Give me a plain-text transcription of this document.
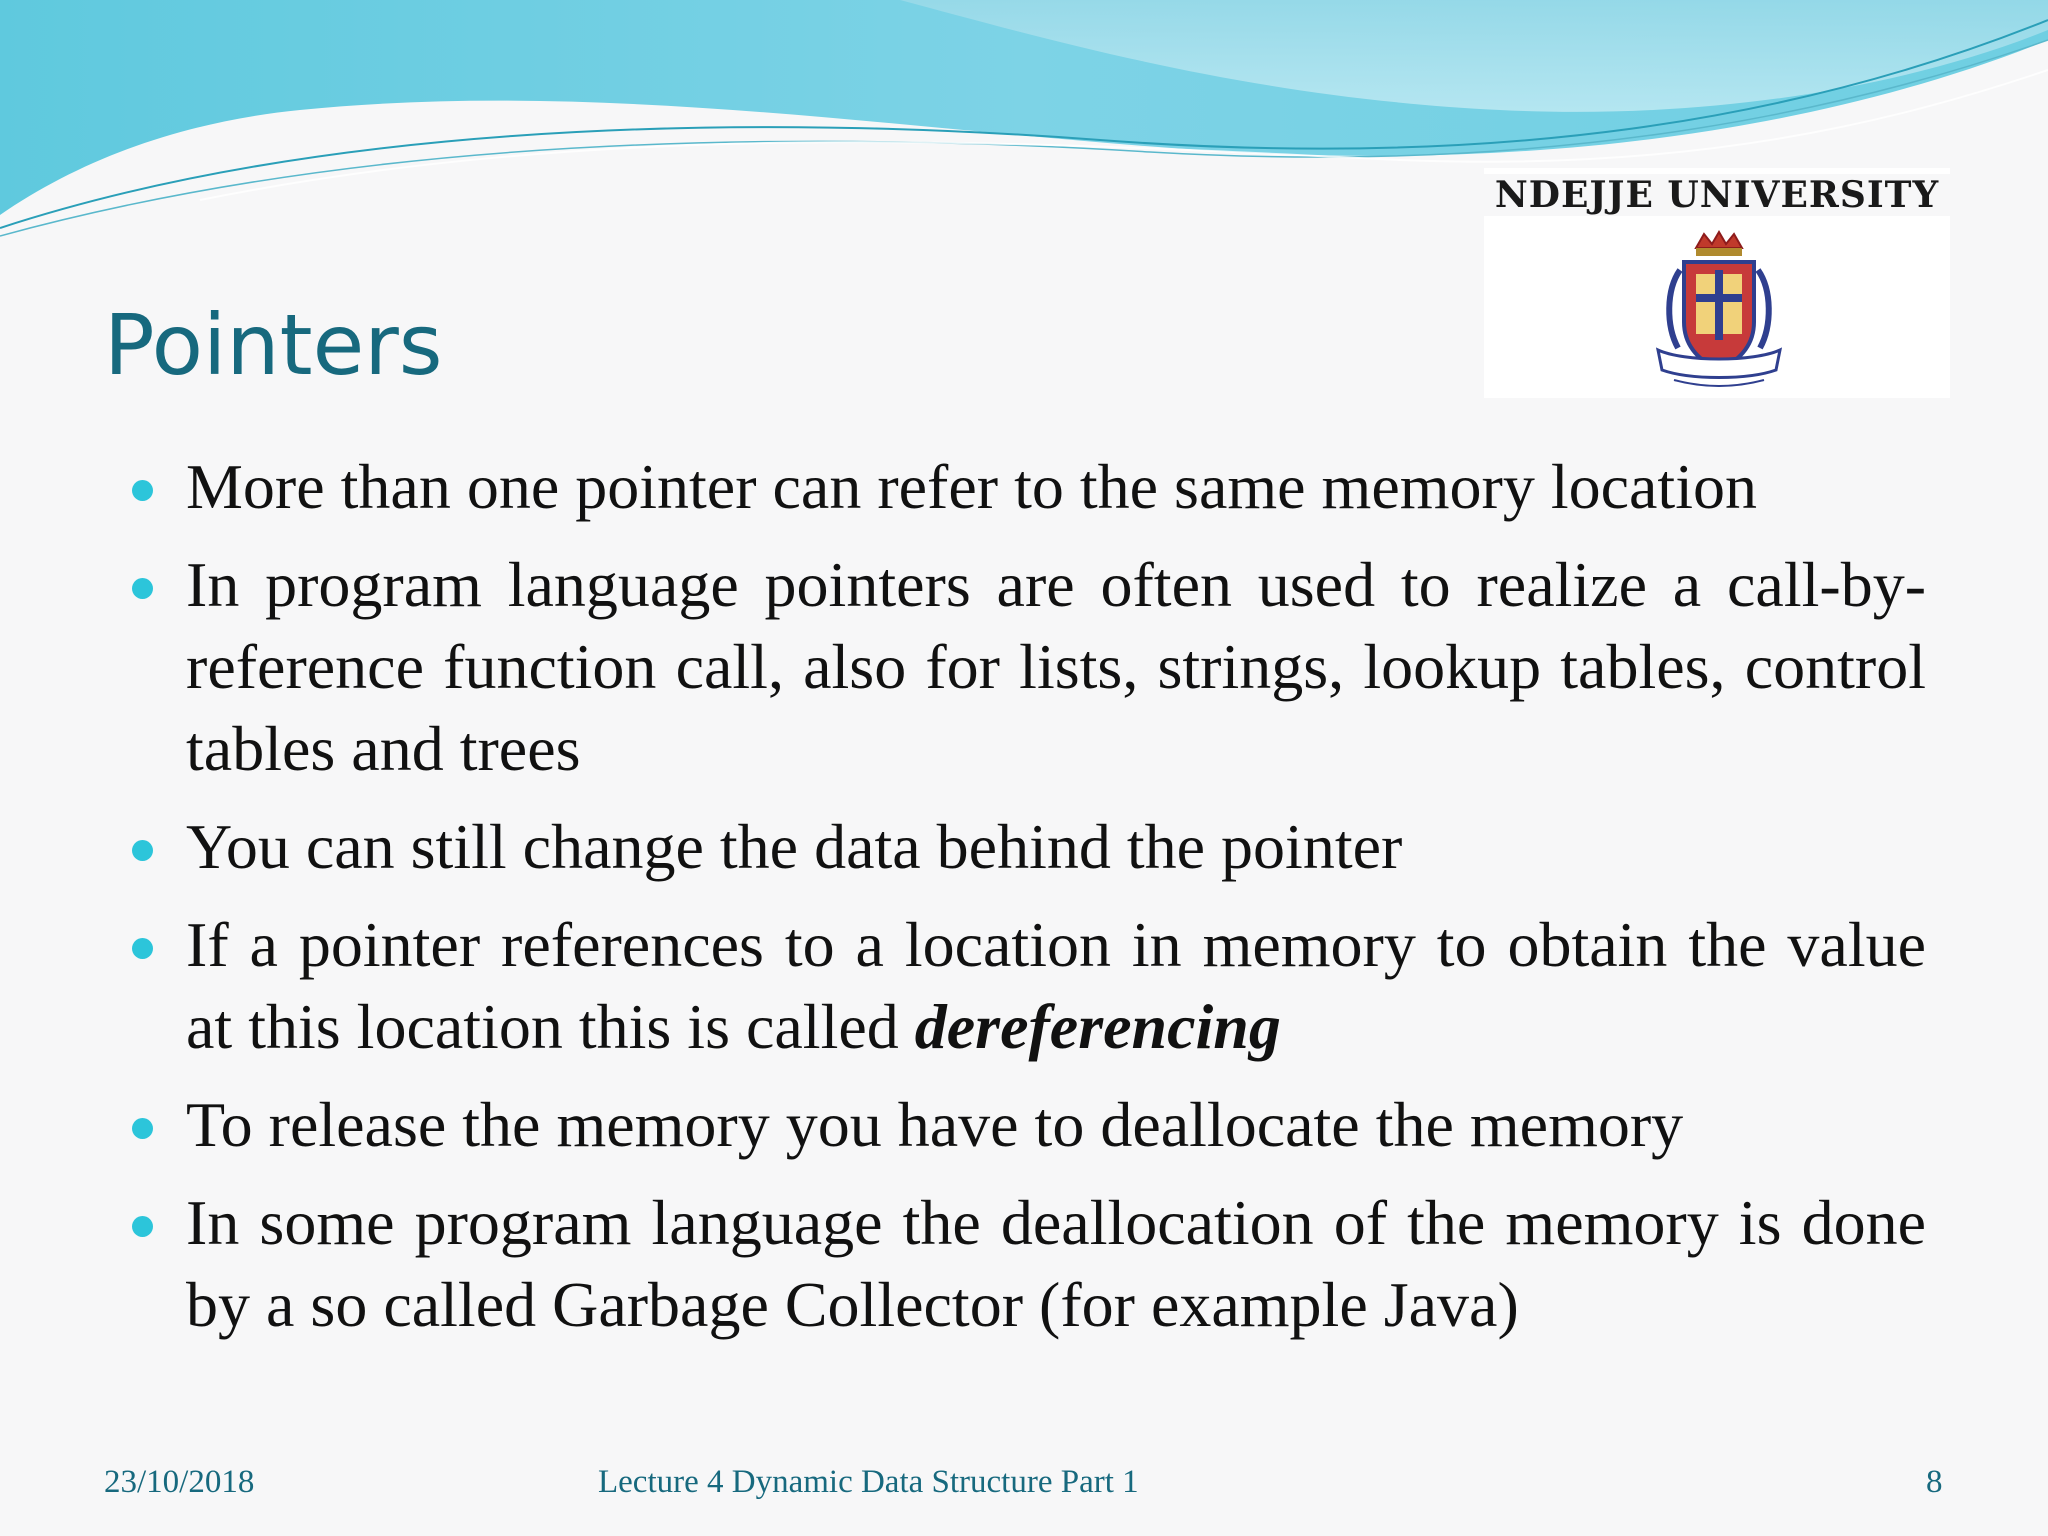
NDEJJE UNIVERSITY
Pointers
More than one pointer can refer to the same memory location
In program language pointers are often used to realize a call-by-reference function call, also for lists, strings, lookup tables, control tables and trees
You can still change the data behind the pointer
If a pointer references to a location in memory to obtain the value at this location this is called dereferencing
To release the memory you have to deallocate the memory
In some program language the deallocation of the memory is done by a so called Garbage Collector (for example Java)
23/10/2018	Lecture 4 Dynamic Data Structure Part 1	8
